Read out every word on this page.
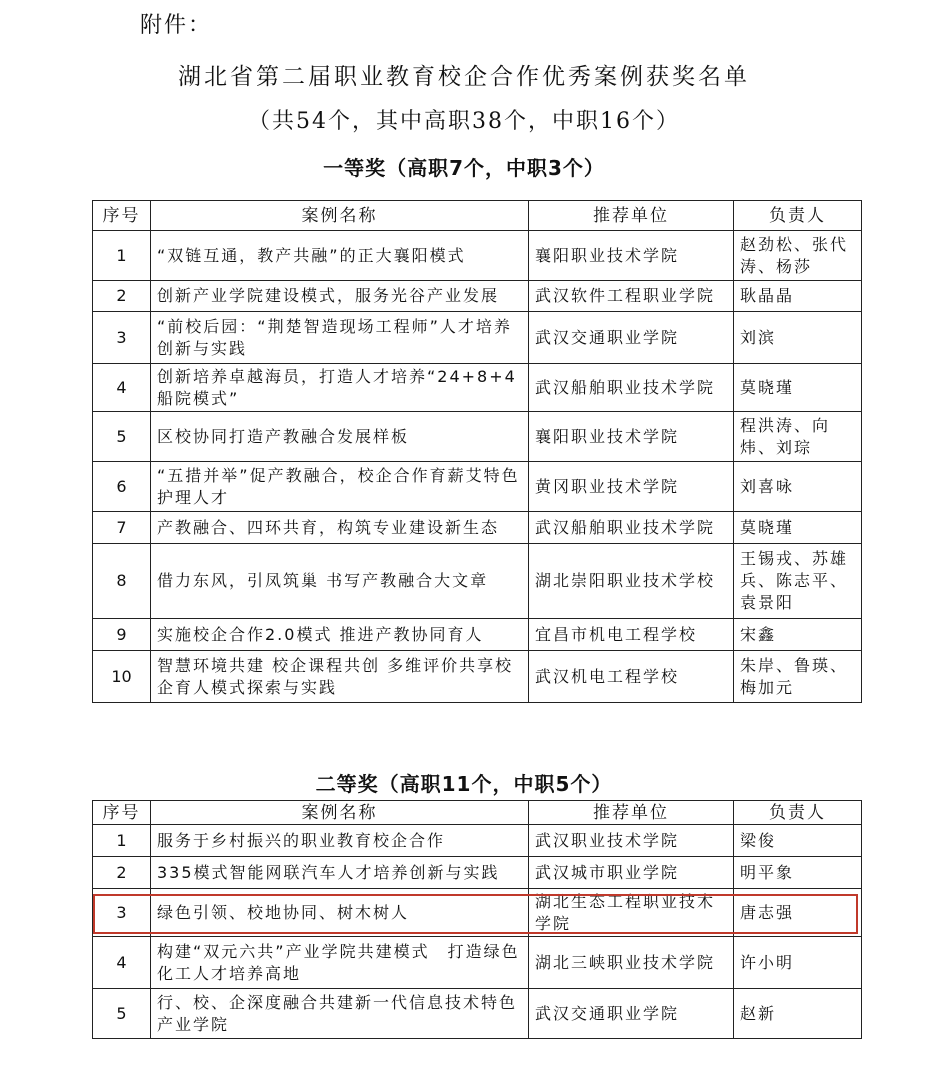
附件：
湖北省第二届职业教育校企合作优秀案例获奖名单
（共54个，其中高职38个，中职16个）
一等奖（高职7个，中职3个）
序号	案例名称	推荐单位	负责人
1	“双链互通，教产共融”的正大襄阳模式	襄阳职业技术学院	赵劲松、张代涛、杨莎
2	创新产业学院建设模式，服务光谷产业发展	武汉软件工程职业学院	耿晶晶
3	“前校后园：“荆楚智造现场工程师”人才培养创新与实践	武汉交通职业学院	刘滨
4	创新培养卓越海员，打造人才培养“24+8+4船院模式”	武汉船舶职业技术学院	莫晓瑾
5	区校协同打造产教融合发展样板	襄阳职业技术学院	程洪涛、向炜、刘琮
6	“五措并举”促产教融合，校企合作育薪艾特色护理人才	黄冈职业技术学院	刘喜咏
7	产教融合、四环共育，构筑专业建设新生态	武汉船舶职业技术学院	莫晓瑾
8	借力东风，引凤筑巢 书写产教融合大文章	湖北崇阳职业技术学校	王锡戎、苏雄兵、陈志平、袁景阳
9	实施校企合作2.0模式 推进产教协同育人	宜昌市机电工程学校	宋鑫
10	智慧环境共建 校企课程共创 多维评价共享校企育人模式探索与实践	武汉机电工程学校	朱岸、鲁瑛、梅加元
二等奖（高职11个，中职5个）
序号	案例名称	推荐单位	负责人
1	服务于乡村振兴的职业教育校企合作	武汉职业技术学院	梁俊
2	335模式智能网联汽车人才培养创新与实践	武汉城市职业学院	明平象
3	绿色引领、校地协同、树木树人	湖北生态工程职业技术学院	唐志强
4	构建“双元六共”产业学院共建模式　打造绿色化工人才培养高地	湖北三峡职业技术学院	许小明
5	行、校、企深度融合共建新一代信息技术特色产业学院	武汉交通职业学院	赵新
